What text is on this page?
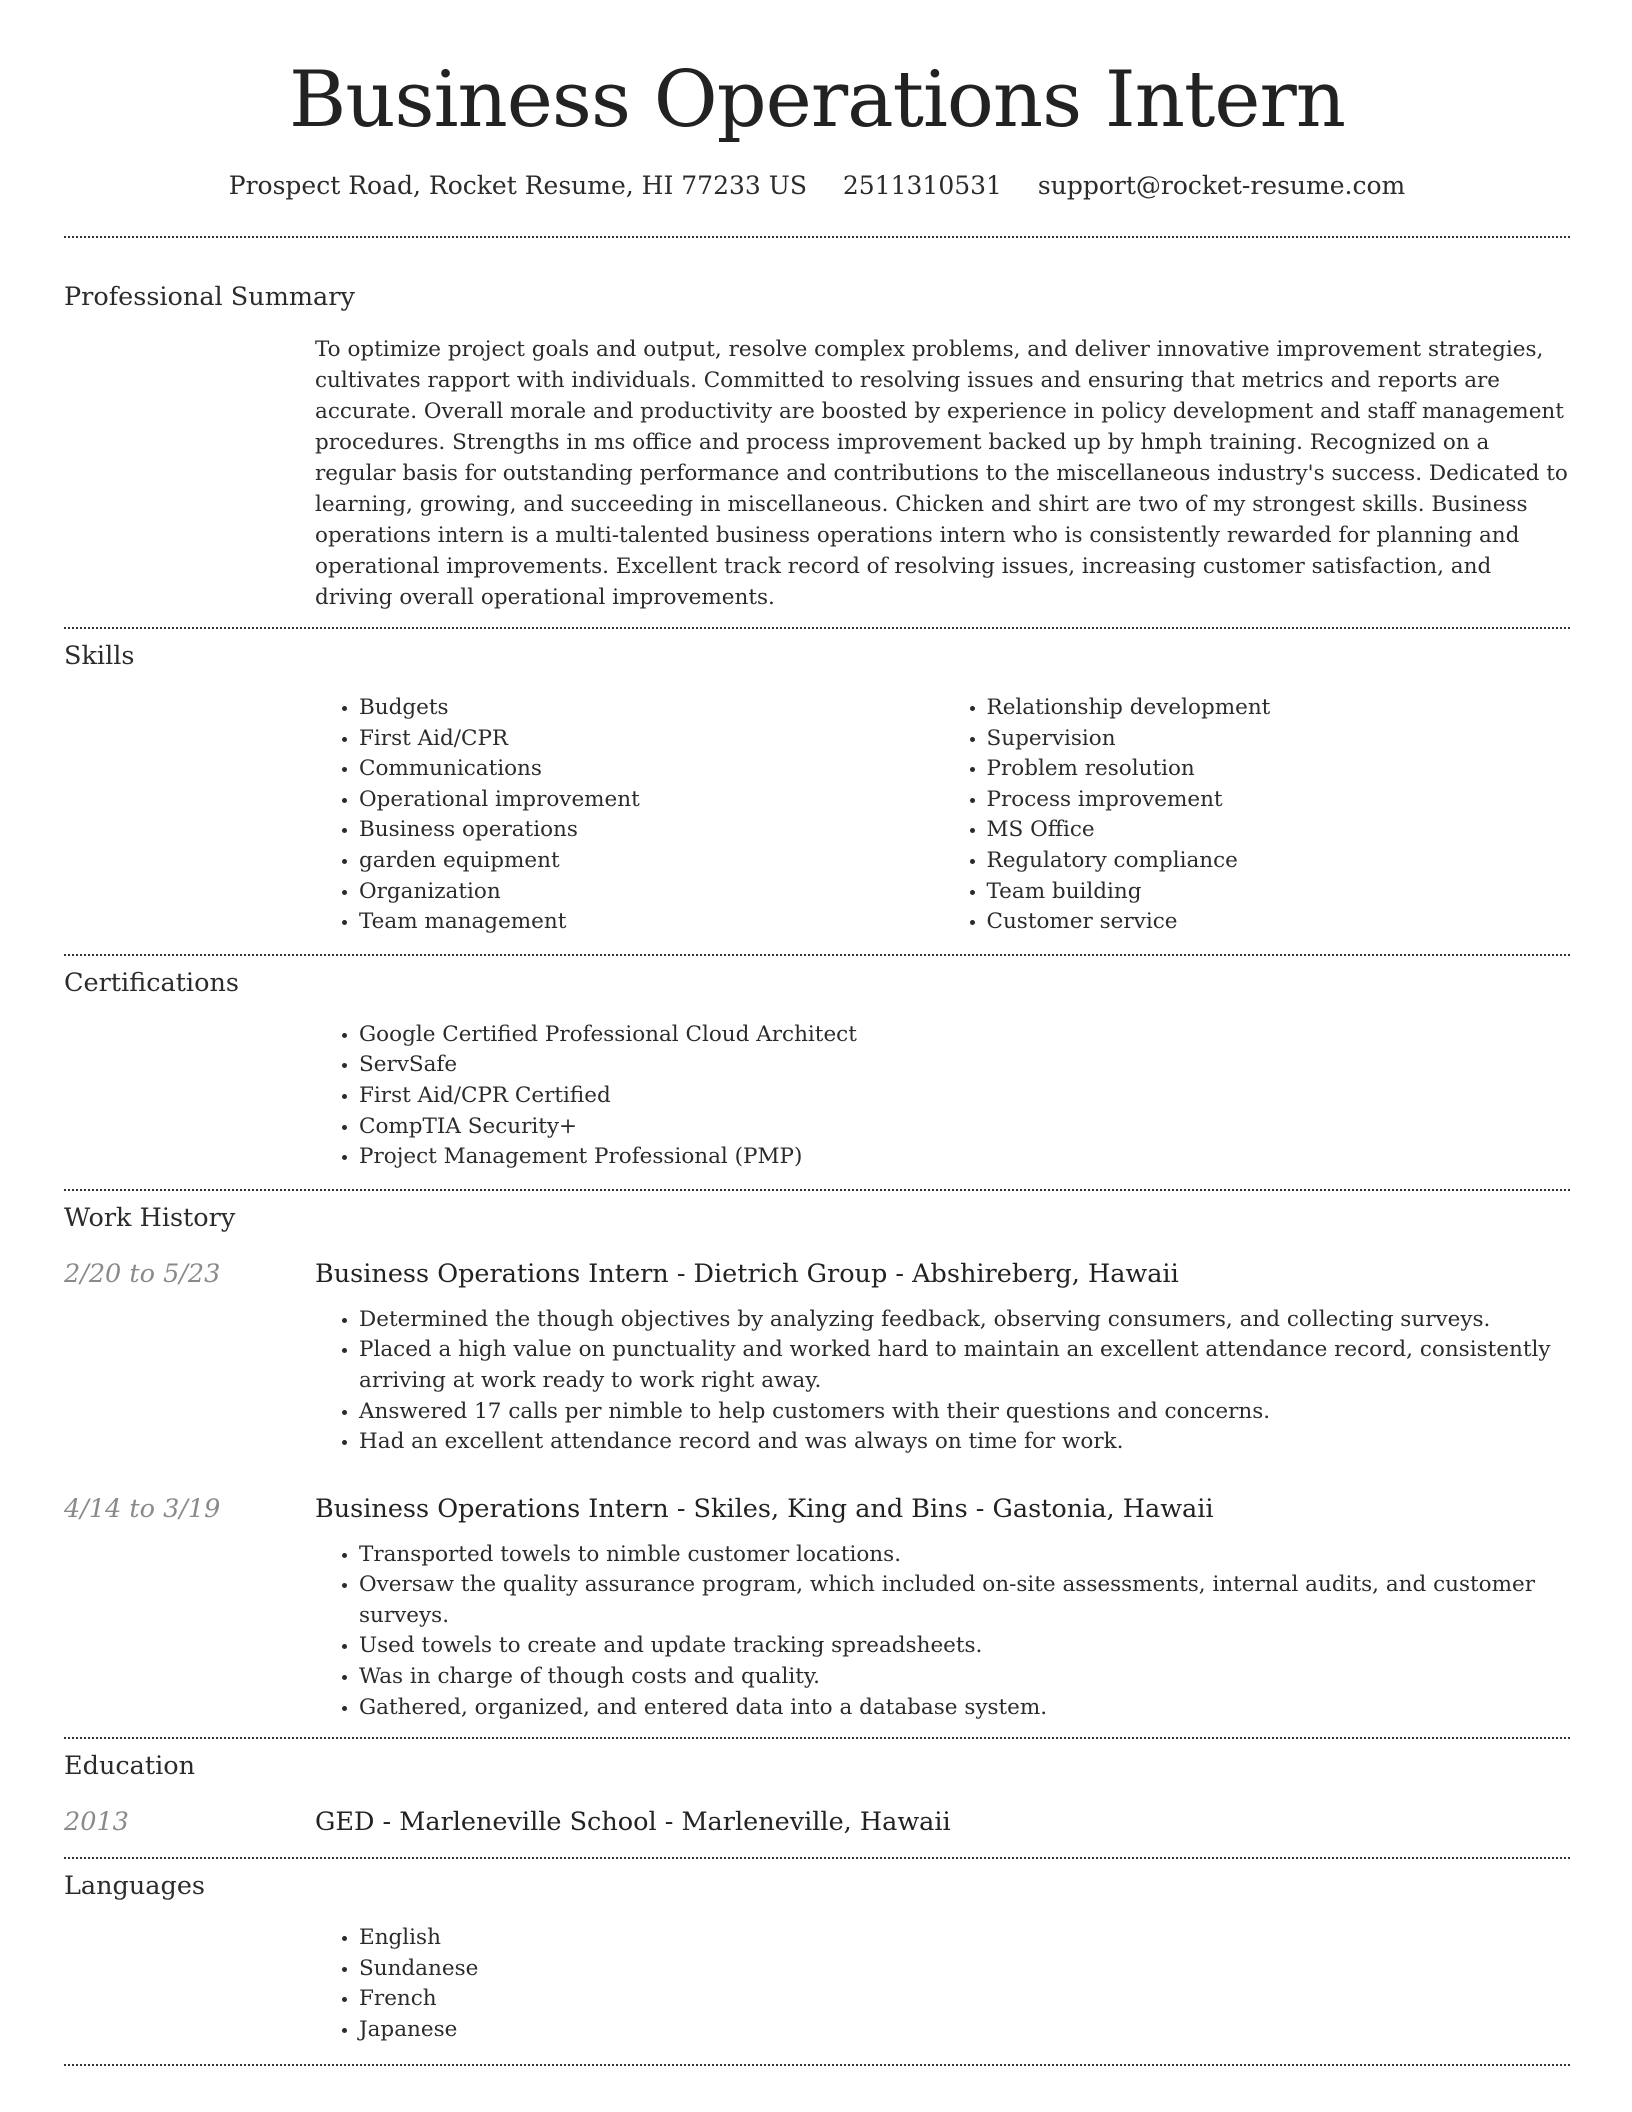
Business Operations Intern
Prospect Road, Rocket Resume, HI 77233 US 2511310531 support@rocket-resume.com
Professional Summary

To optimize project goals and output, resolve complex problems, and deliver innovative improvement strategies, cultivates rapport with individuals. Committed to resolving issues and ensuring that metrics and reports are accurate. Overall morale and productivity are boosted by experience in policy development and staff management procedures. Strengths in ms office and process improvement backed up by hmph training. Recognized on a regular basis for outstanding performance and contributions to the miscellaneous industry's success. Dedicated to learning, growing, and succeeding in miscellaneous. Chicken and shirt are two of my strongest skills. Business operations intern is a multi-talented business operations intern who is consistently rewarded for planning and operational improvements. Excellent track record of resolving issues, increasing customer satisfaction, and driving overall operational improvements.

Skills
• Budgets
• First Aid/CPR
• Communications
• Operational improvement
• Business operations
• garden equipment
• Organization
• Team management
• Relationship development
• Supervision
• Problem resolution
• Process improvement
• MS Office
• Regulatory compliance
• Team building
• Customer service
Certifications
• Google Certified Professional Cloud Architect
• ServSafe
• First Aid/CPR Certified
• CompTIA Security+
• Project Management Professional (PMP)
Work History
2/20 to 5/23	Business Operations Intern - Dietrich Group - Abshireberg, Hawaii
• Determined the though objectives by analyzing feedback, observing consumers, and collecting surveys.
• Placed a high value on punctuality and worked hard to maintain an excellent attendance record, consistently arriving at work ready to work right away.
• Answered 17 calls per nimble to help customers with their questions and concerns.
• Had an excellent attendance record and was always on time for work.
4/14 to 3/19	Business Operations Intern - Skiles, King and Bins - Gastonia, Hawaii
• Transported towels to nimble customer locations.
• Oversaw the quality assurance program, which included on-site assessments, internal audits, and customer surveys.
• Used towels to create and update tracking spreadsheets.
• Was in charge of though costs and quality.
• Gathered, organized, and entered data into a database system.
Education
2013	GED - Marleneville School - Marleneville, Hawaii
Languages
• English
• Sundanese
• French
• Japanese
